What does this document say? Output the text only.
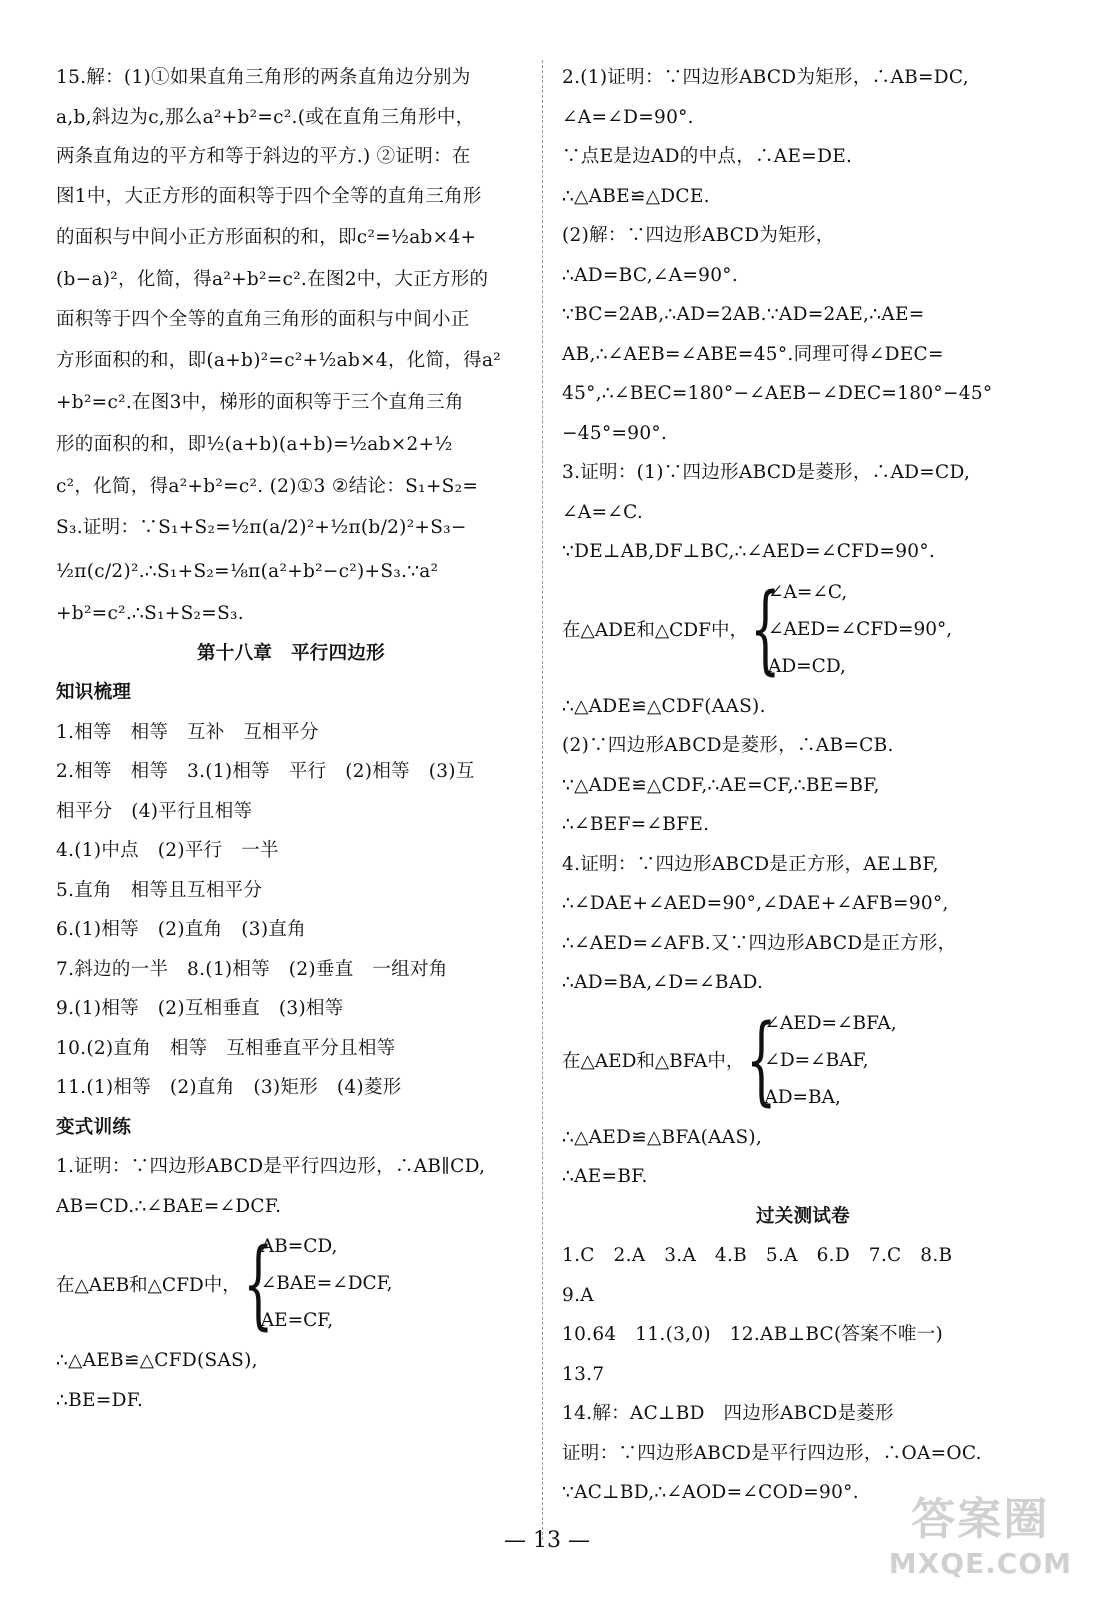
15.解：(1)①如果直角三角形的两条直角边分别为
a,b,斜边为c,那么a²+b²=c².(或在直角三角形中，
两条直角边的平方和等于斜边的平方.) ②证明：在
图1中，大正方形的面积等于四个全等的直角三角形
的面积与中间小正方形面积的和，即c²=½ab×4+
(b−a)²，化简，得a²+b²=c².在图2中，大正方形的
面积等于四个全等的直角三角形的面积与中间小正
方形面积的和，即(a+b)²=c²+½ab×4，化简，得a²
+b²=c².在图3中，梯形的面积等于三个直角三角
形的面积的和，即½(a+b)(a+b)=½ab×2+½
c²，化简，得a²+b²=c². (2)①3 ②结论：S₁+S₂=
S₃.证明：∵S₁+S₂=½π(a/2)²+½π(b/2)²+S₃−
½π(c/2)².∴S₁+S₂=⅛π(a²+b²−c²)+S₃.∵a²
+b²=c².∴S₁+S₂=S₃.
第十八章　平行四边形
知识梳理
1.相等　相等　互补　互相平分
2.相等　相等　3.(1)相等　平行　(2)相等　(3)互
相平分　(4)平行且相等
4.(1)中点　(2)平行　一半
5.直角　相等且互相平分
6.(1)相等　(2)直角　(3)直角
7.斜边的一半　8.(1)相等　(2)垂直　一组对角
9.(1)相等　(2)互相垂直　(3)相等
10.(2)直角　相等　互相垂直平分且相等
11.(1)相等　(2)直角　(3)矩形　(4)菱形
变式训练
1.证明：∵四边形ABCD是平行四边形，∴AB∥CD,
AB=CD.∴∠BAE=∠DCF.
在△AEB和△CFD中， {
AB=CD,
∠BAE=∠DCF,
AE=CF,
∴△AEB≌△CFD(SAS),
∴BE=DF.
2.(1)证明：∵四边形ABCD为矩形，∴AB=DC,
∠A=∠D=90°.
∵点E是边AD的中点，∴AE=DE.
∴△ABE≌△DCE.
(2)解：∵四边形ABCD为矩形，
∴AD=BC,∠A=90°.
∵BC=2AB,∴AD=2AB.∵AD=2AE,∴AE=
AB,∴∠AEB=∠ABE=45°.同理可得∠DEC=
45°,∴∠BEC=180°−∠AEB−∠DEC=180°−45°
−45°=90°.
3.证明：(1)∵四边形ABCD是菱形，∴AD=CD,
∠A=∠C.
∵DE⊥AB,DF⊥BC,∴∠AED=∠CFD=90°.
在△ADE和△CDF中， {
∠A=∠C,
∠AED=∠CFD=90°,
AD=CD,
∴△ADE≌△CDF(AAS).
(2)∵四边形ABCD是菱形，∴AB=CB.
∵△ADE≌△CDF,∴AE=CF,∴BE=BF,
∴∠BEF=∠BFE.
4.证明：∵四边形ABCD是正方形，AE⊥BF,
∴∠DAE+∠AED=90°,∠DAE+∠AFB=90°,
∴∠AED=∠AFB.又∵四边形ABCD是正方形，
∴AD=BA,∠D=∠BAD.
在△AED和△BFA中， {
∠AED=∠BFA,
∠D=∠BAF,
AD=BA,
∴△AED≌△BFA(AAS),
∴AE=BF.
过关测试卷
1.C　2.A　3.A　4.B　5.A　6.D　7.C　8.B
9.A
10.64　11.(3,0)　12.AB⊥BC(答案不唯一)
13.7
14.解：AC⊥BD　四边形ABCD是菱形
证明：∵四边形ABCD是平行四边形，∴OA=OC.
∵AC⊥BD,∴∠AOD=∠COD=90°.
— 13 —	答案圈
MXQE.COM
